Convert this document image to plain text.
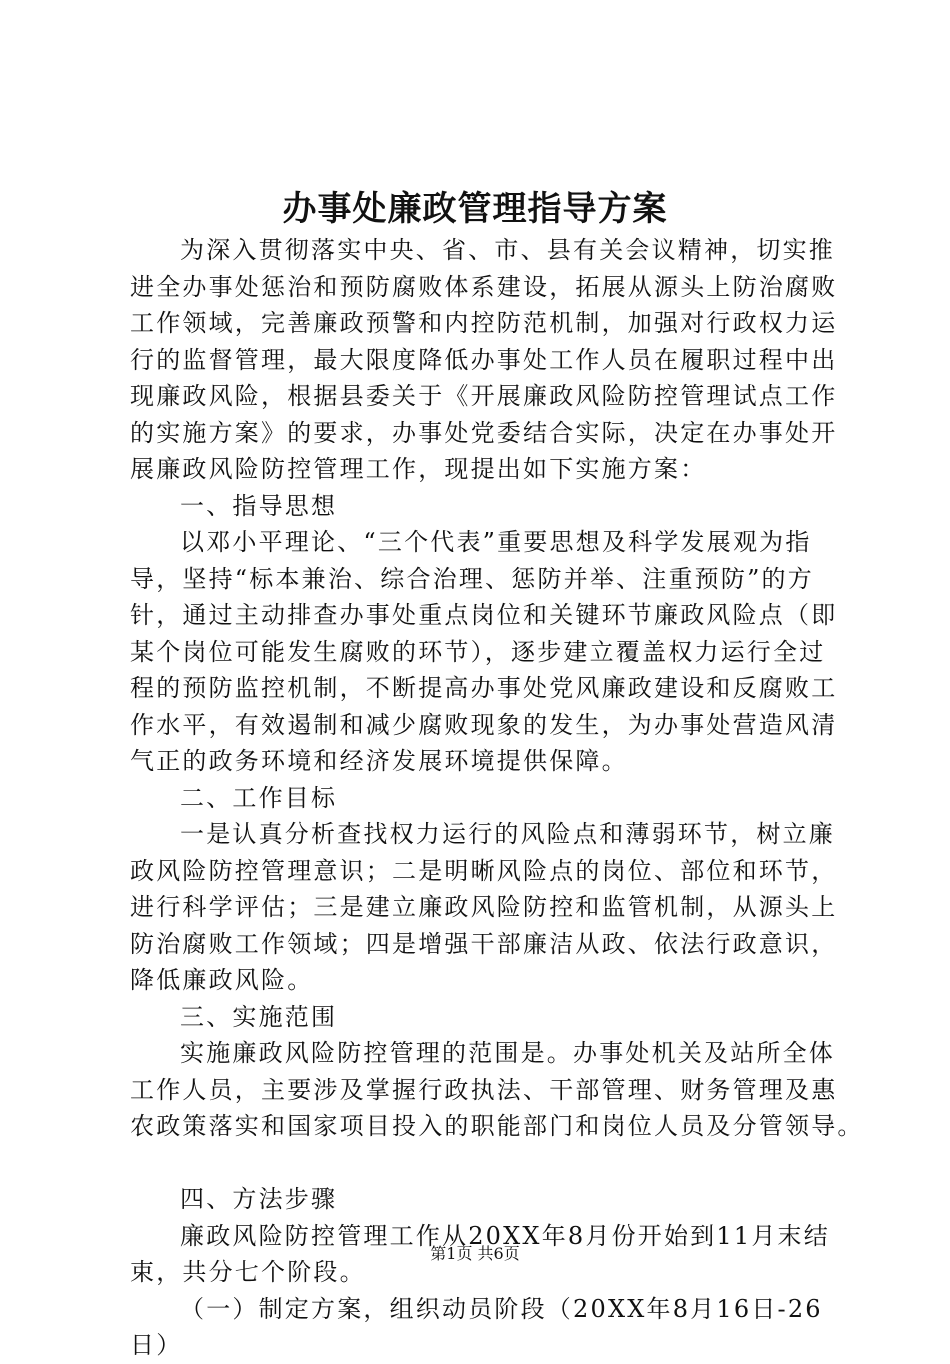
办事处廉政管理指导方案
为深入贯彻落实中央、省、市、县有关会议精神，切实推
进全办事处惩治和预防腐败体系建设，拓展从源头上防治腐败
工作领域，完善廉政预警和内控防范机制，加强对行政权力运
行的监督管理，最大限度降低办事处工作人员在履职过程中出
现廉政风险，根据县委关于《开展廉政风险防控管理试点工作
的实施方案》的要求，办事处党委结合实际，决定在办事处开
展廉政风险防控管理工作，现提出如下实施方案：
一、指导思想
以邓小平理论、“三个代表”重要思想及科学发展观为指
导，坚持“标本兼治、综合治理、惩防并举、注重预防”的方
针，通过主动排查办事处重点岗位和关键环节廉政风险点（即
某个岗位可能发生腐败的环节），逐步建立覆盖权力运行全过
程的预防监控机制，不断提高办事处党风廉政建设和反腐败工
作水平，有效遏制和减少腐败现象的发生，为办事处营造风清
气正的政务环境和经济发展环境提供保障。
二、工作目标
一是认真分析查找权力运行的风险点和薄弱环节，树立廉
政风险防控管理意识；二是明晰风险点的岗位、部位和环节，
进行科学评估；三是建立廉政风险防控和监管机制，从源头上
防治腐败工作领域；四是增强干部廉洁从政、依法行政意识，
降低廉政风险。
三、实施范围
实施廉政风险防控管理的范围是。办事处机关及站所全体
工作人员，主要涉及掌握行政执法、干部管理、财务管理及惠
农政策落实和国家项目投入的职能部门和岗位人员及分管领导。
四、方法步骤
廉政风险防控管理工作从20XX年8月份开始到11月末结
束，共分七个阶段。
（一）制定方案，组织动员阶段（20XX年8月16日-26
日）
第1页 共6页
